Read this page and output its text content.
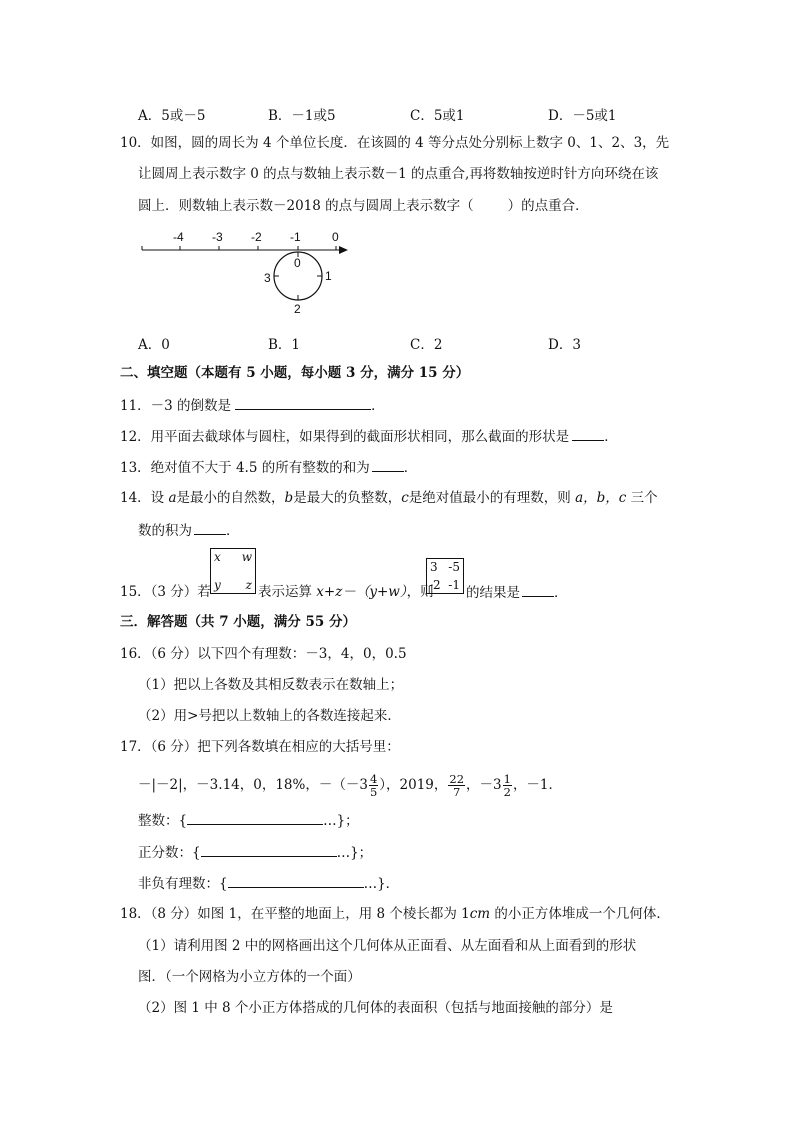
A．5或－5	B．－1或5	C．5或1	D．－5或1
10．如图，圆的周长为 4 个单位长度．在该圆的 4 等分点处分别标上数字 0、1、2、3，先
让圆周上表示数字 0 的点与数轴上表示数－1 的点重合,再将数轴按逆时针方向环绕在该
圆上．则数轴上表示数－2018 的点与圆周上表示数字（	）的点重合．
-4 -3 -2 -1	0
0
1
2
3
A．0	B．1	C．2	D．3
二、填空题（本题有 5 小题，每小题 3 分，满分 15 分）
11．－3 的倒数是	．
12．用平面去截球体与圆柱，如果得到的截面形状相同，那么截面的形状是	．
13．绝对值不大于 4.5 的所有整数的和为	．
14．设 a是最小的自然数，b是最大的负整数，c是绝对值最小的有理数，则 a，b，c 三个
数的积为	．
15．（3 分）若
x w
y z 表示运算 x+z－（y+w），则
3 -5
-2 -1 的结果是	．
三．解答题（共 7 小题，满分 55 分）
16．（6 分）以下四个有理数：－3，4，0，0.5
（1）把以上各数及其相反数表示在数轴上；
（2）用>号把以上数轴上的各数连接起来．
17．（6 分）把下列各数填在相应的大括号里：
－|－2|，－3.14，0，18%，$-(-3 \frac{4}{5}$ ），2019， $\frac{22}{7}$ ，$-3 \frac{1}{2}$ ，－1．
整数：{	…}；
正分数：{	…}；
非负有理数：{	…}．
18．（8 分）如图 1，在平整的地面上，用 8 个棱长都为 1cm 的小正方体堆成一个几何体．
（1）请利用图 2 中的网格画出这个几何体从正面看、从左面看和从上面看到的形状
图．（一个网格为小立方体的一个面）
（2）图 1 中 8 个小正方体搭成的几何体的表面积（包括与地面接触的部分）是
